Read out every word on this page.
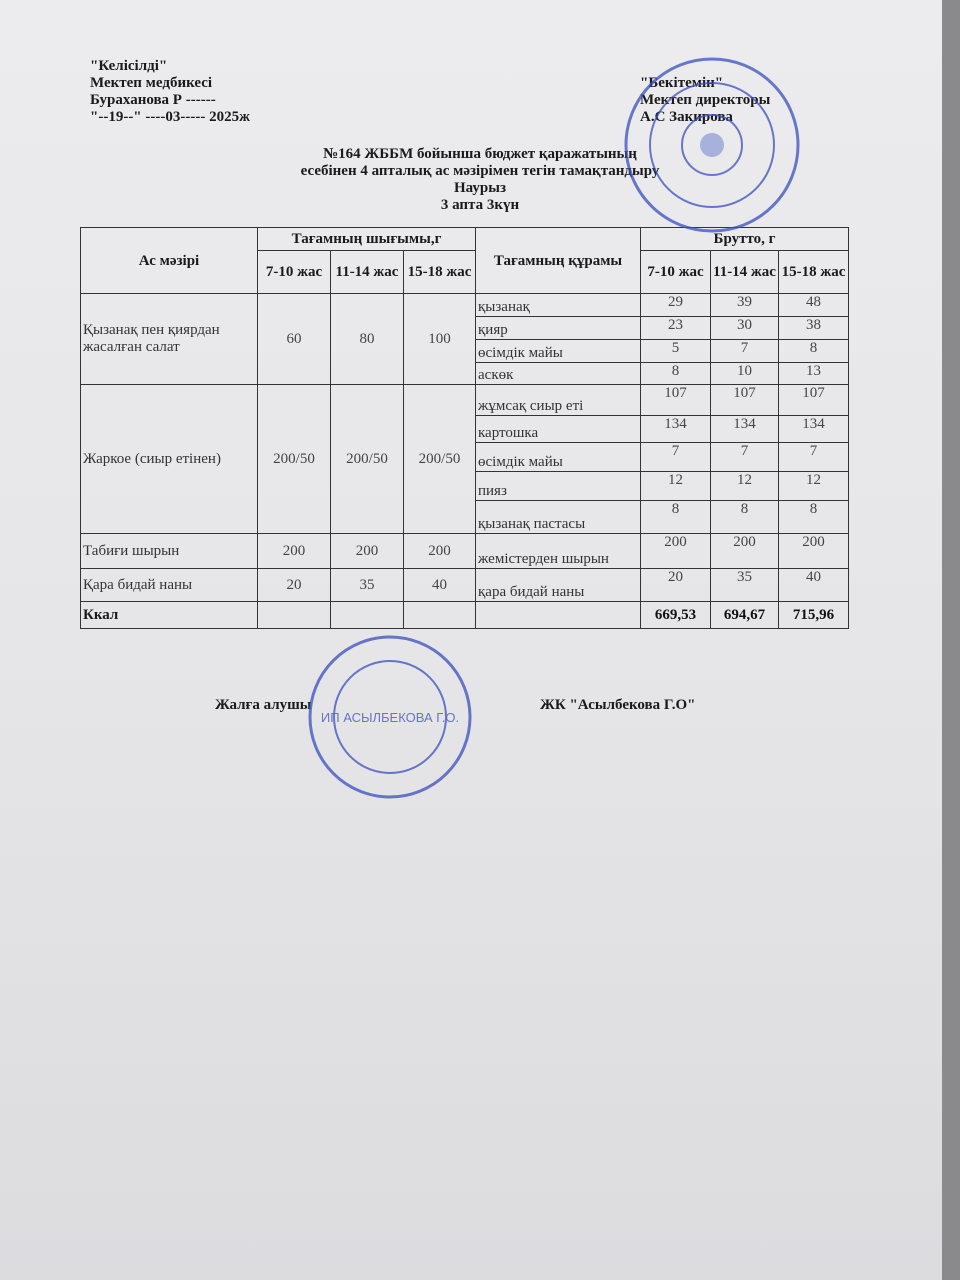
"Келісілді"
Мектеп медбикесі
Бураханова Р ------
"--19--" ----03----- 2025ж
"Бекітемін"
Мектеп директоры
А.С Закирова
№164 ЖББМ бойынша бюджет қаражатының
есебінен 4 апталық ас мәзірімен тегін тамақтандыру
Наурыз
3 апта 3күн
Ас мәзірі	Тағамның шығымы,г			Тағамның құрамы	Брутто, г		
	7-10 жас	11-14 жас	15-18 жас		7-10 жас	11-14 жас	15-18 жас
Қызанақ пен қиярдан жасалған салат	60	80	100	қызанақ	29	39	48
				қияр	23	30	38
				өсімдік майы	5	7	8
				аскөк	8	10	13
Жаркое (сиыр етінен)	200/50	200/50	200/50	жұмсақ сиыр еті	107	107	107
				картошка	134	134	134
				өсімдік майы	7	7	7
				пияз	12	12	12
				қызанақ пастасы	8	8	8
Табиғи шырын	200	200	200	жемістерден шырын	200	200	200
Қара бидай наны	20	35	40	қара бидай наны	20	35	40
Ккал					669,53	694,67	715,96
Жалға алушы	ЖК "Асылбекова Г.О"
ИП АСЫЛБЕКОВА Г.О.
